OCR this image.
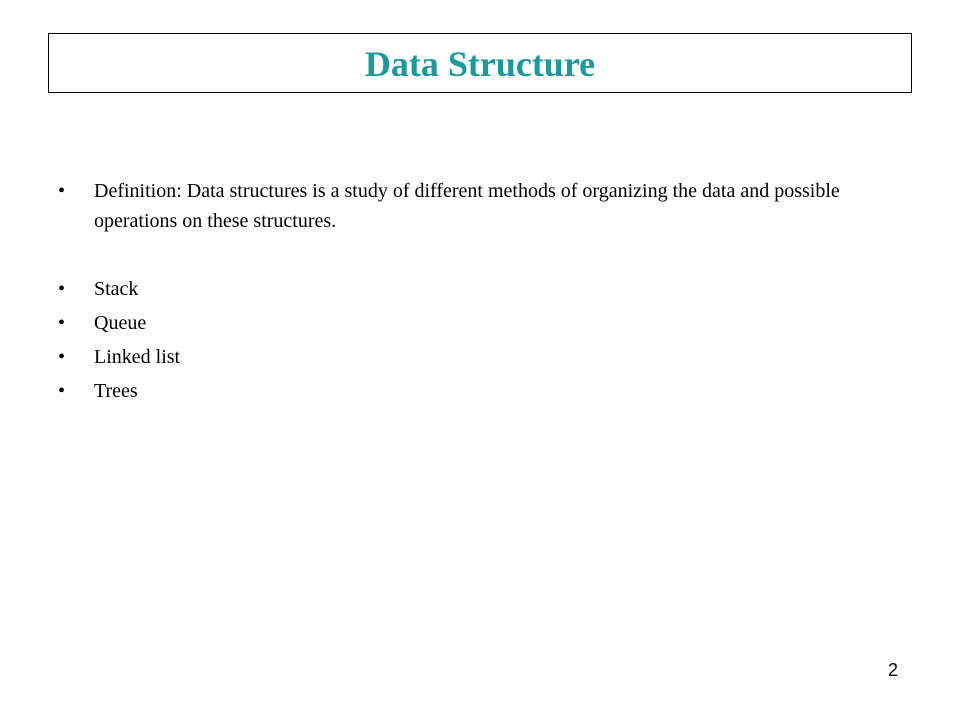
Data Structure
•	Definition: Data structures is a study of different methods of organizing the data and possible operations on these structures.
•	Stack
•	Queue
•	Linked list
•	Trees
2
